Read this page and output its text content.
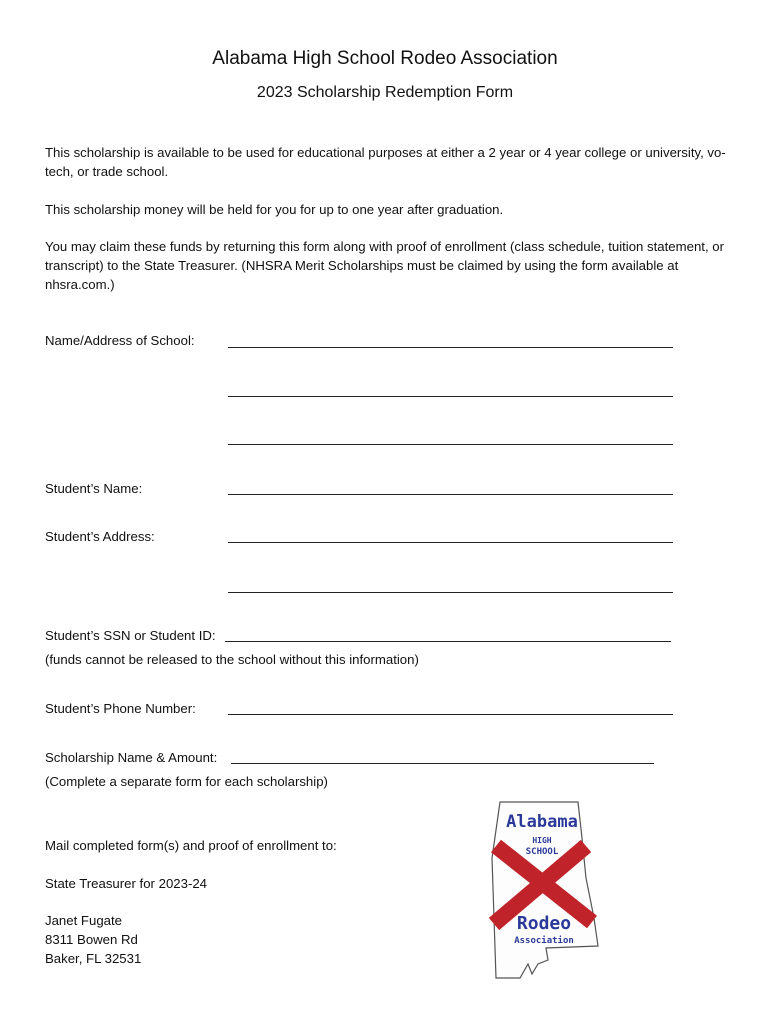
Alabama High School Rodeo Association
2023 Scholarship Redemption Form
This scholarship is available to be used for educational purposes at either a 2 year or 4 year college or university, vo-tech, or trade school.
This scholarship money will be held for you for up to one year after graduation.
You may claim these funds by returning this form along with proof of enrollment (class schedule, tuition statement, or transcript) to the State Treasurer. (NHSRA Merit Scholarships must be claimed by using the form available at nhsra.com.)
Name/Address of School:
Student’s Name:
Student’s Address:
Student’s SSN or Student ID:
(funds cannot be released to the school without this information)
Student’s Phone Number:
Scholarship Name & Amount:
(Complete a separate form for each scholarship)
Mail completed form(s) and proof of enrollment to:
State Treasurer for 2023-24
Janet Fugate
8311 Bowen Rd
Baker, FL 32531
Alabama
HIGH
SCHOOL
Rodeo
Association
